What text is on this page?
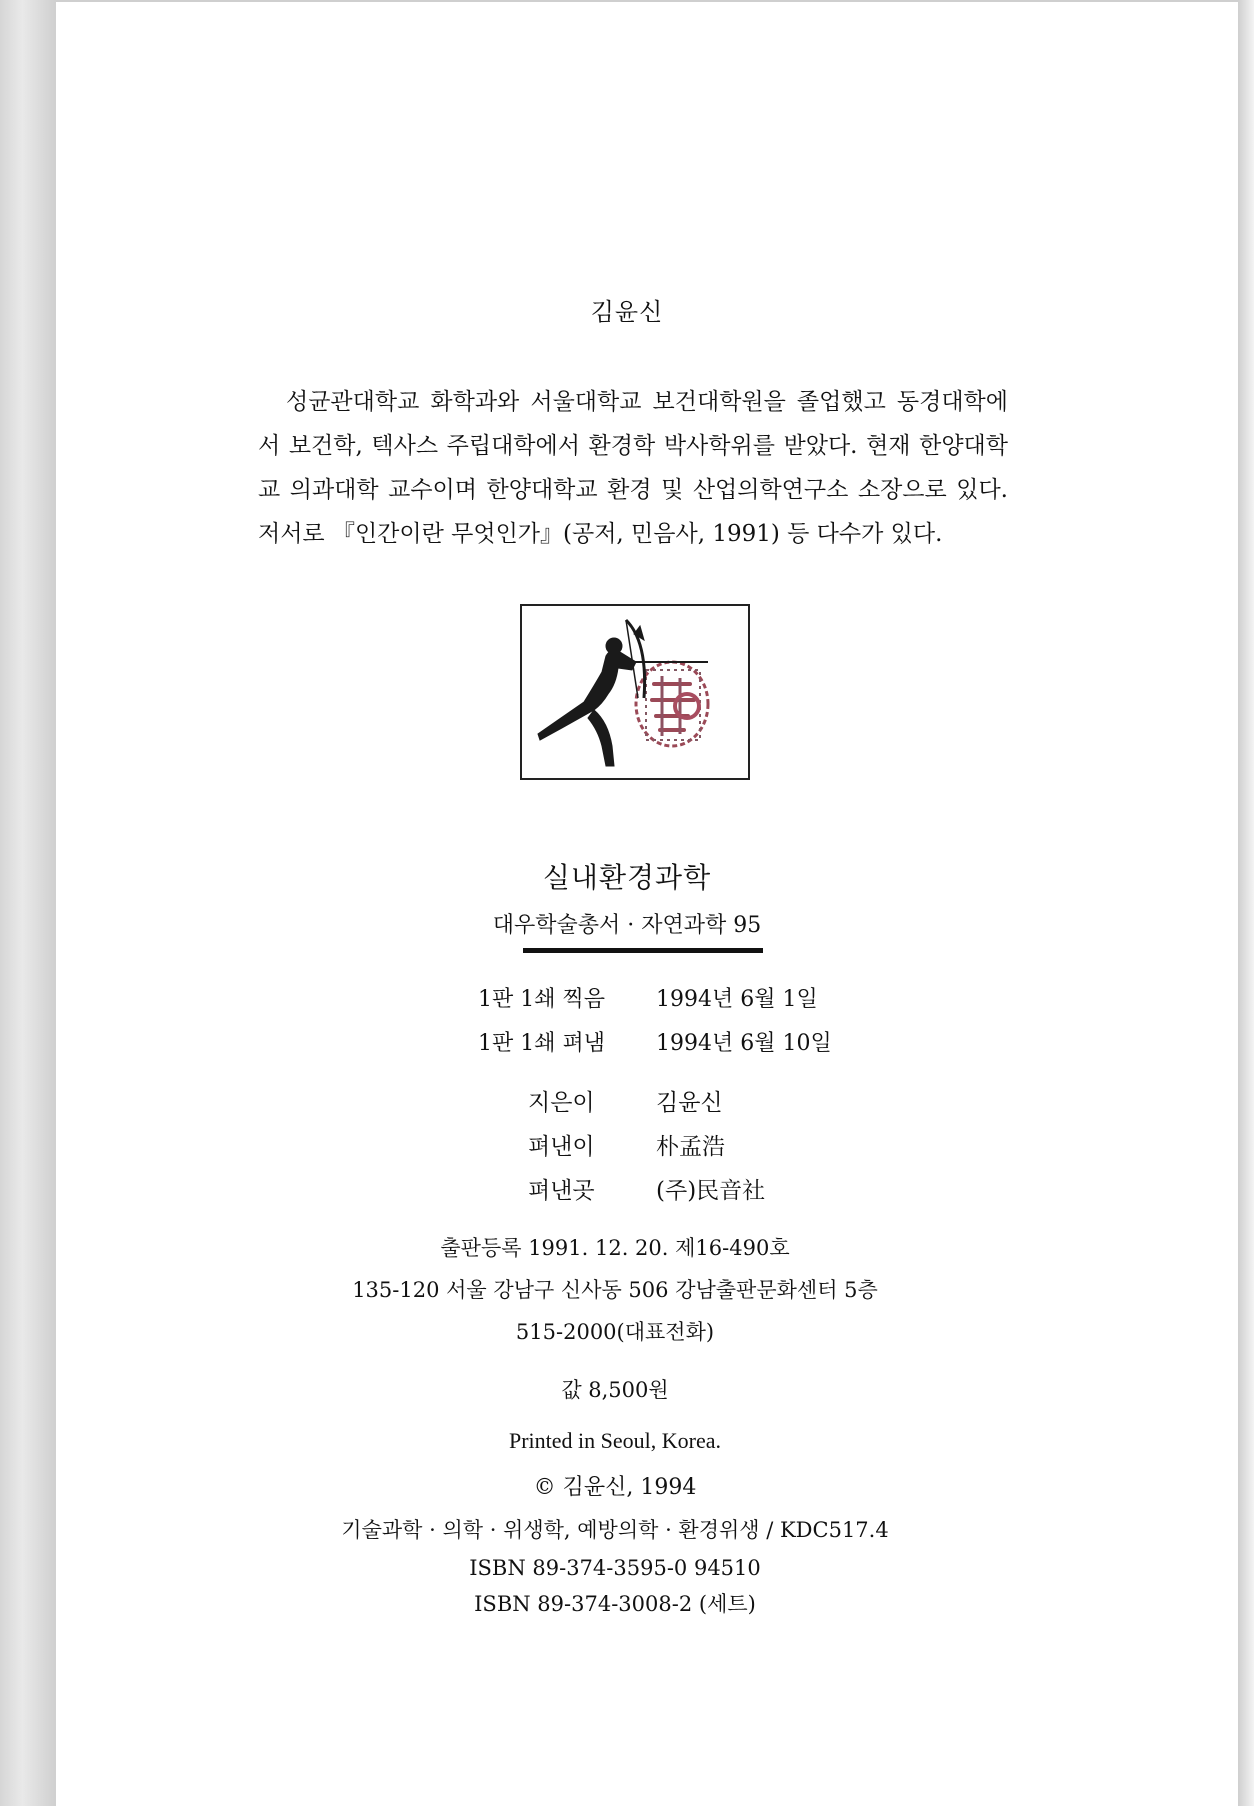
김윤신

성균관대학교 화학과와 서울대학교 보건대학원을 졸업했고 동경대학에서 보건학, 텍사스 주립대학에서 환경학 박사학위를 받았다. 현재 한양대학교 의과대학 교수이며 한양대학교 환경 및 산업의학연구소 소장으로 있다. 저서로 『인간이란 무엇인가』(공저, 민음사, 1991) 등 다수가 있다.

실내환경과학
대우학술총서 · 자연과학 95
1판 1쇄 찍음 1994년 6월 1일
1판 1쇄 펴냄 1994년 6월 10일
지은이	김윤신
펴낸이	朴孟浩
펴낸곳	(주)民音社
출판등록 1991. 12. 20. 제16-490호
135-120 서울 강남구 신사동 506 강남출판문화센터 5층
515-2000(대표전화)
값 8,500원
Printed in Seoul, Korea.
© 김윤신, 1994
기술과학 · 의학 · 위생학, 예방의학 · 환경위생 / KDC517.4
ISBN 89-374-3595-0 94510
ISBN 89-374-3008-2 (세트)
